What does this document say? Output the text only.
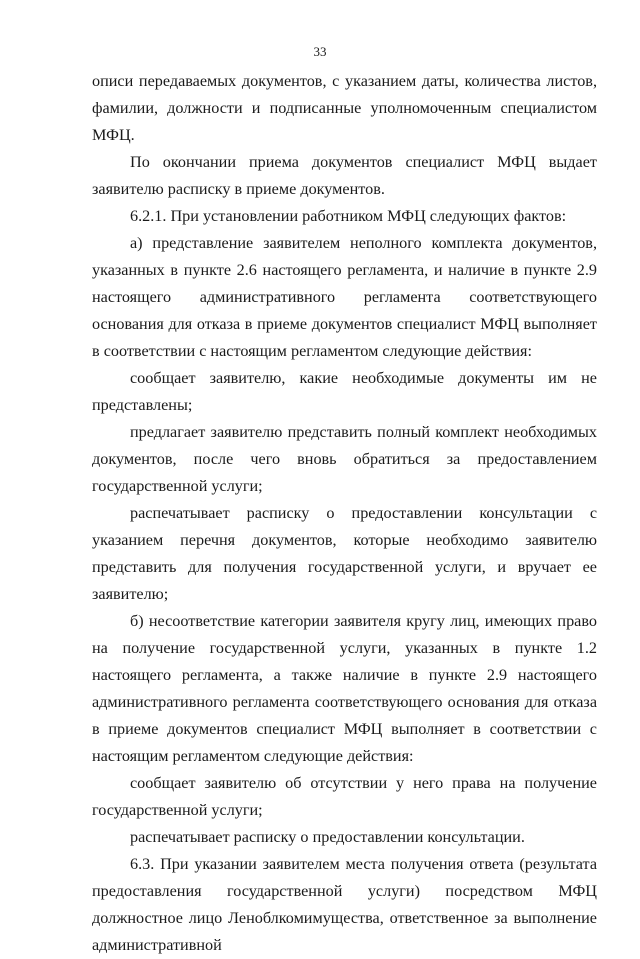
33

описи передаваемых документов, с указанием даты, количества листов, фамилии, должности и подписанные уполномоченным специалистом МФЦ.

По окончании приема документов специалист МФЦ выдает заявителю расписку в приеме документов.

6.2.1. При установлении работником МФЦ следующих фактов:

а) представление заявителем неполного комплекта документов, указанных в пункте 2.6 настоящего регламента, и наличие в пункте 2.9 настоящего административного регламента соответствующего основания для отказа в приеме документов специалист МФЦ выполняет в соответствии с настоящим регламентом следующие действия:

сообщает заявителю, какие необходимые документы им не представлены;

предлагает заявителю представить полный комплект необходимых документов, после чего вновь обратиться за предоставлением государственной услуги;

распечатывает расписку о предоставлении консультации с указанием перечня документов, которые необходимо заявителю представить для получения государственной услуги, и вручает ее заявителю;

б) несоответствие категории заявителя кругу лиц, имеющих право на получение государственной услуги, указанных в пункте 1.2 настоящего регламента, а также наличие в пункте 2.9 настоящего административного регламента соответствующего основания для отказа в приеме документов специалист МФЦ выполняет в соответствии с настоящим регламентом следующие действия:

сообщает заявителю об отсутствии у него права на получение государственной услуги;

распечатывает расписку о предоставлении консультации.

6.3. При указании заявителем места получения ответа (результата предоставления государственной услуги) посредством МФЦ должностное лицо Леноблкомимущества, ответственное за выполнение административной
